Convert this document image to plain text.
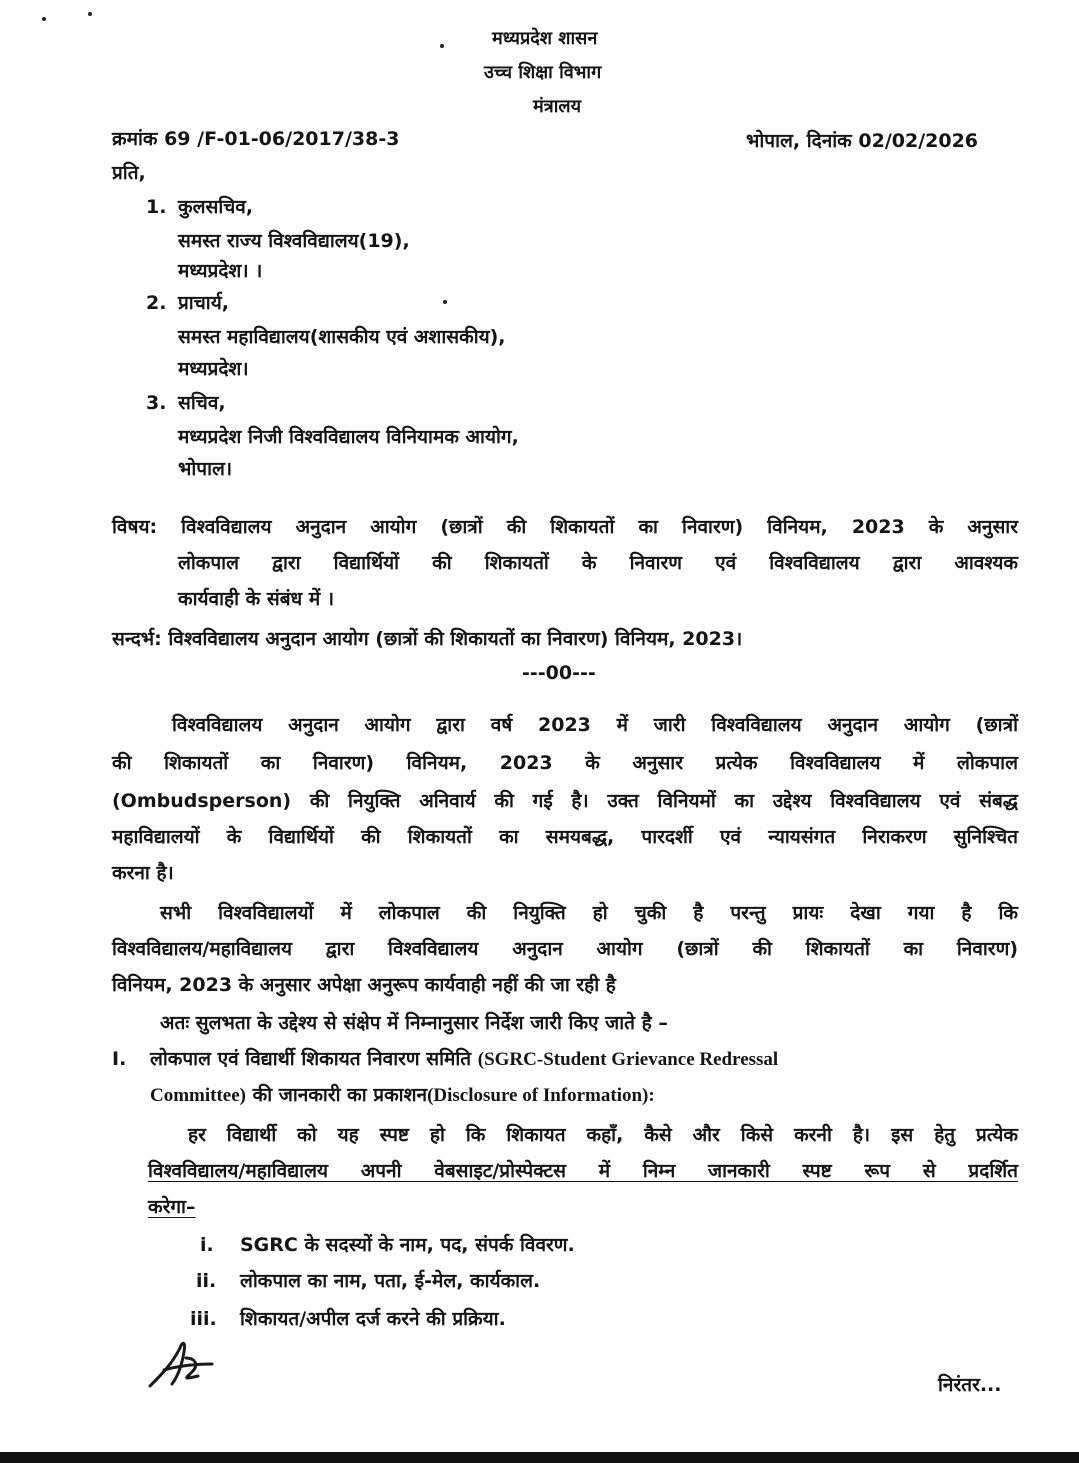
मध्यप्रदेश शासन
उच्च शिक्षा विभाग
मंत्रालय
क्रमांक 69 /F-01-06/2017/38-3	भोपाल, दिनांक 02/02/2026
प्रति,
1. कुलसचिव,
समस्त राज्य विश्वविद्यालय(19),
मध्यप्रदेश। ।
2. प्राचार्य,
समस्त महाविद्यालय(शासकीय एवं अशासकीय),
मध्यप्रदेश।
3. सचिव,
मध्यप्रदेश निजी विश्वविद्यालय विनियामक आयोग,
भोपाल।
विषय: विश्वविद्यालय अनुदान आयोग (छात्रों की शिकायतों का निवारण) विनियम, 2023 के अनुसार
लोकपाल द्वारा विद्यार्थियों की शिकायतों के निवारण एवं विश्वविद्यालय द्वारा आवश्यक
कार्यवाही के संबंध में ।
सन्दर्भ: विश्वविद्यालय अनुदान आयोग (छात्रों की शिकायतों का निवारण) विनियम, 2023।
---00---
विश्वविद्यालय अनुदान आयोग द्वारा वर्ष 2023 में जारी विश्वविद्यालय अनुदान आयोग (छात्रों
की शिकायतों का निवारण) विनियम, 2023 के अनुसार प्रत्येक विश्वविद्यालय में लोकपाल
(Ombudsperson) की नियुक्ति अनिवार्य की गई है। उक्त विनियमों का उद्देश्य विश्वविद्यालय एवं संबद्ध
महाविद्यालयों के विद्यार्थियों की शिकायतों का समयबद्ध, पारदर्शी एवं न्यायसंगत निराकरण सुनिश्चित
करना है।
सभी विश्वविद्यालयों में लोकपाल की नियुक्ति हो चुकी है परन्तु प्रायः देखा गया है कि
विश्वविद्यालय/महाविद्यालय द्वारा विश्वविद्यालय अनुदान आयोग (छात्रों की शिकायतों का निवारण)
विनियम, 2023 के अनुसार अपेक्षा अनुरूप कार्यवाही नहीं की जा रही है
अतः सुलभता के उद्देश्य से संक्षेप में निम्नानुसार निर्देश जारी किए जाते है –
I. लोकपाल एवं विद्यार्थी शिकायत निवारण समिति (SGRC-Student Grievance Redressal
Committee) की जानकारी का प्रकाशन(Disclosure of Information):
हर विद्यार्थी को यह स्पष्ट हो कि शिकायत कहाँ, कैसे और किसे करनी है। इस हेतु प्रत्येक
विश्वविद्यालय/महाविद्यालय अपनी वेबसाइट/प्रोस्पेक्टस में निम्न जानकारी स्पष्ट रूप से प्रदर्शित
करेगा–
i. SGRC के सदस्यों के नाम, पद, संपर्क विवरण.
ii. लोकपाल का नाम, पता, ई-मेल, कार्यकाल.
iii. शिकायत/अपील दर्ज करने की प्रक्रिया.
निरंतर...
